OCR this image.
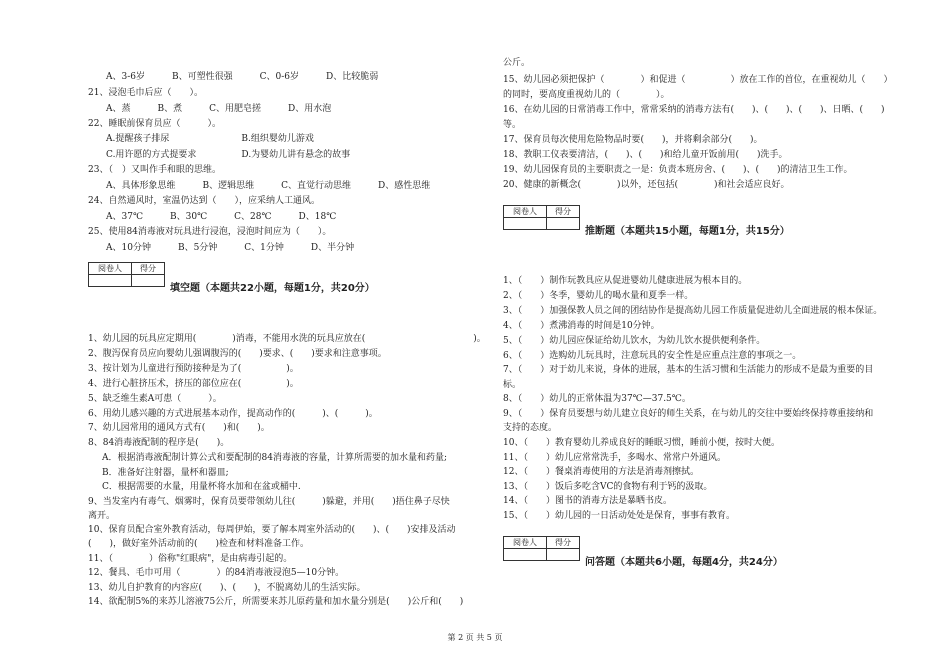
A、3-6岁　　　B、可塑性很强　　　C、0-6岁　　　D、比较脆弱
21、浸泡毛巾后应（　　）。
A、蒸　　　B、煮　　　C、用肥皂搓　　　D、用水泡
22、睡眠前保育员应（　　　）。
A.提醒孩子排尿　　　　　　　　B.组织婴幼儿游戏
C.用许愿的方式提要求　　　　　D.为婴幼儿讲有悬念的故事
23、（　）又叫作手和眼的思维。
A、具体形象思维　　　B、逻辑思维　　　C、直觉行动思维　　　D、感性思维
24、自然通风时，室温仍达到（　　），应采纳人工通风。
A、37℃　　　B、30℃　　　C、28℃　　　D、18℃
25、使用84消毒液对玩具进行浸泡，浸泡时间应为（　　）。
A、10分钟　　　B、5分钟　　　C、1分钟　　　D、半分钟
阅卷人	得分

填空题（本题共22小题，每题1分，共20分）
1、幼儿园的玩具应定期用(　　　　)消毒，不能用水洗的玩具应放在(　　　　　　　　　　　　)。
2、腹泻保育员应向婴幼儿强调腹泻的(　　)要求、(　　)要求和注意事项。
3、按计划为儿童进行预防接种是为了(　　　　　)。
4、进行心脏挤压术，挤压的部位应在(　　　　　)。
5、缺乏维生素A可患（　　　）。
6、用幼儿感兴趣的方式进展基本动作，提高动作的(　　　)、(　　　)。
7、幼儿园常用的通风方式有(　　)和(　　)。
8、84消毒液配制的程序是(　　)。
A．根据消毒液配制计算公式和要配制的84消毒液的容量，计算所需要的加水量和药量;
B．准备好注射器，量杯和器皿;
C．根据需要的水量，用量杯将水加和在盆或桶中.
9、当发室内有毒气、烟雾时，保育员要带领幼儿往(　　　)躲避，并用(　　)捂住鼻子尽快
离开。
10、保育员配合室外教育活动，每周伊始，要了解本周室外活动的(　　)、(　　)安排及活动
(　　)，做好室外活动前的(　　)检查和材料准备工作。
11、（　　　　）俗称"红眼病"，是由病毒引起的。
12、餐具、毛巾可用（　　　　）的84消毒液浸泡5—10分钟。
13、幼儿自护教育的内容应(　　)、(　　)，不脱离幼儿的生活实际。
14、欲配制5%的来苏儿溶液75公斤，所需要来苏儿原药量和加水量分别是(　　)公斤和(　　)
公斤。
15、幼儿园必须把保护（　　　　）和促进（　　　　　）放在工作的首位，在重视幼儿（　　）
的同时，要高度重视幼儿的（　　　　）。
16、在幼儿园的日常消毒工作中，常常采纳的消毒方法有(　　)、(　　)、(　　)、日晒、(　　)
等。
17、保育员每次使用危险物品时要(　　)，并将剩余部分(　　)。
18、教职工仪表要清洁，(　　)、(　　)和给儿童开饭前用(　　)洗手。
19、幼儿园保育员的主要职责之一是：负责本班房舍、(　　)、(　　)的清洁卫生工作。
20、健康的新概念(　　　　)以外，还包括(　　　　)和社会适应良好。
阅卷人	得分

推断题（本题共15小题，每题1分，共15分）
1、（　　）制作玩教具应从促进婴幼儿健康进展为根本目的。
2、（　　）冬季，婴幼儿的喝水量和夏季一样。
3、（　　）加强保教人员之间的团结协作是提高幼儿园工作质量促进幼儿全面进展的根本保证。
4、（　　）煮沸消毒的时间是10分钟。
5、（　　）幼儿园应保证给幼儿饮水，为幼儿饮水提供便利条件。
6、（　　）选购幼儿玩具时，注意玩具的安全性是应重点注意的事项之一。
7、（　　）对于幼儿来说，身体的进展，基本的生活习惯和生活能力的形成不是最为重要的目
标。
8、（　　）幼儿的正常体温为37℃—37.5℃。
9、（　　）保育员要想与幼儿建立良好的师生关系，在与幼儿的交往中要始终保持尊重接纳和
支持的态度。
10、（　　）教育婴幼儿养成良好的睡眠习惯，睡前小便，按时大便。
11、（　　）幼儿应常常洗手，多喝水、常常户外通风。
12、（　　）餐桌消毒使用的方法是消毒剂擦拭。
13、（　　）饭后多吃含VC的食物有利于钙的汲取。
14、（　　）图书的消毒方法是暴晒书皮。
15、（　　）幼儿园的一日活动处处是保育，事事有教育。
阅卷人	得分

问答题（本题共6小题，每题4分，共24分）
第 2 页 共 5 页
